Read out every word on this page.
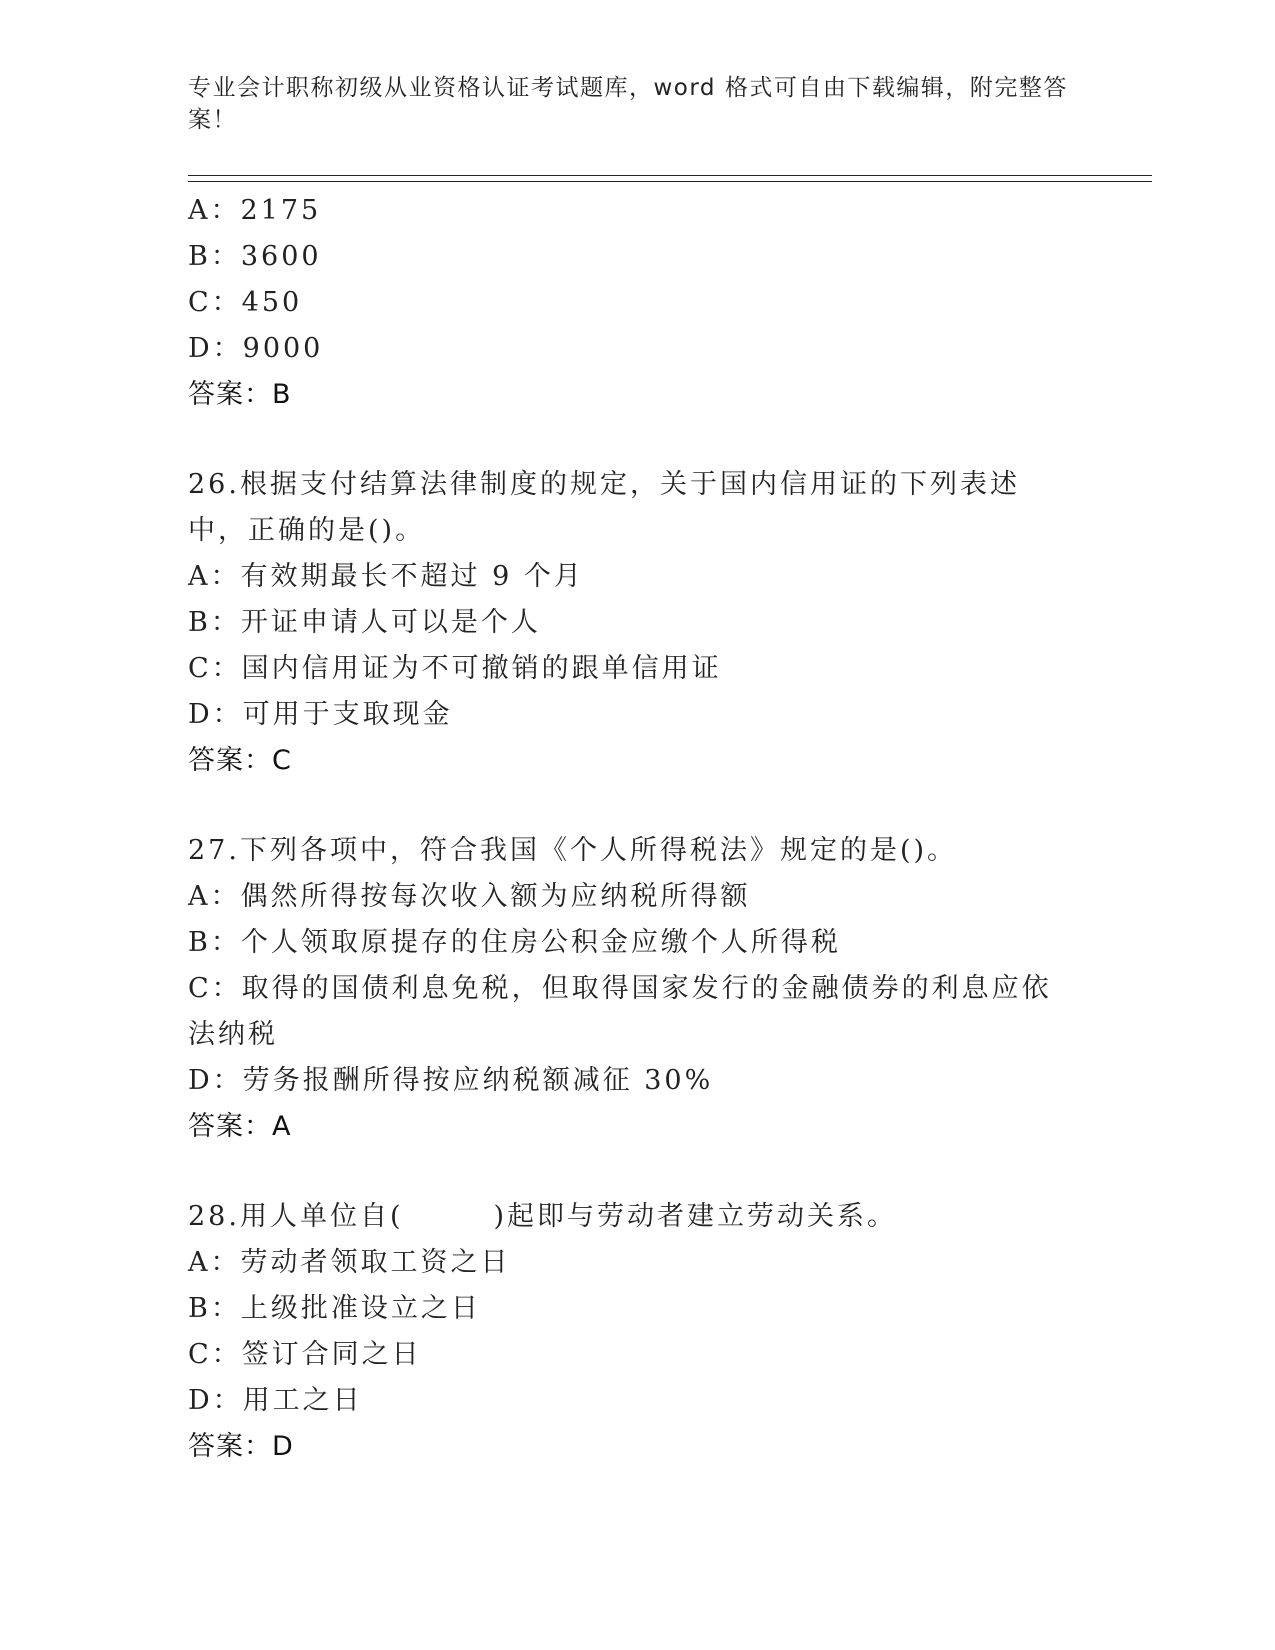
专业会计职称初级从业资格认证考试题库，word 格式可自由下载编辑，附完整答案！
A：2175
B：3600
C：450
D：9000
答案：B
26.根据支付结算法律制度的规定，关于国内信用证的下列表述中，正确的是()。
A：有效期最长不超过 9 个月
B：开证申请人可以是个人
C：国内信用证为不可撤销的跟单信用证
D：可用于支取现金
答案：C
27.下列各项中，符合我国《个人所得税法》规定的是()。
A：偶然所得按每次收入额为应纳税所得额
B：个人领取原提存的住房公积金应缴个人所得税
C：取得的国债利息免税，但取得国家发行的金融债券的利息应依法纳税
D：劳务报酬所得按应纳税额减征 30%
答案：A
28.用人单位自(　　　)起即与劳动者建立劳动关系。
A：劳动者领取工资之日
B：上级批准设立之日
C：签订合同之日
D：用工之日
答案：D
